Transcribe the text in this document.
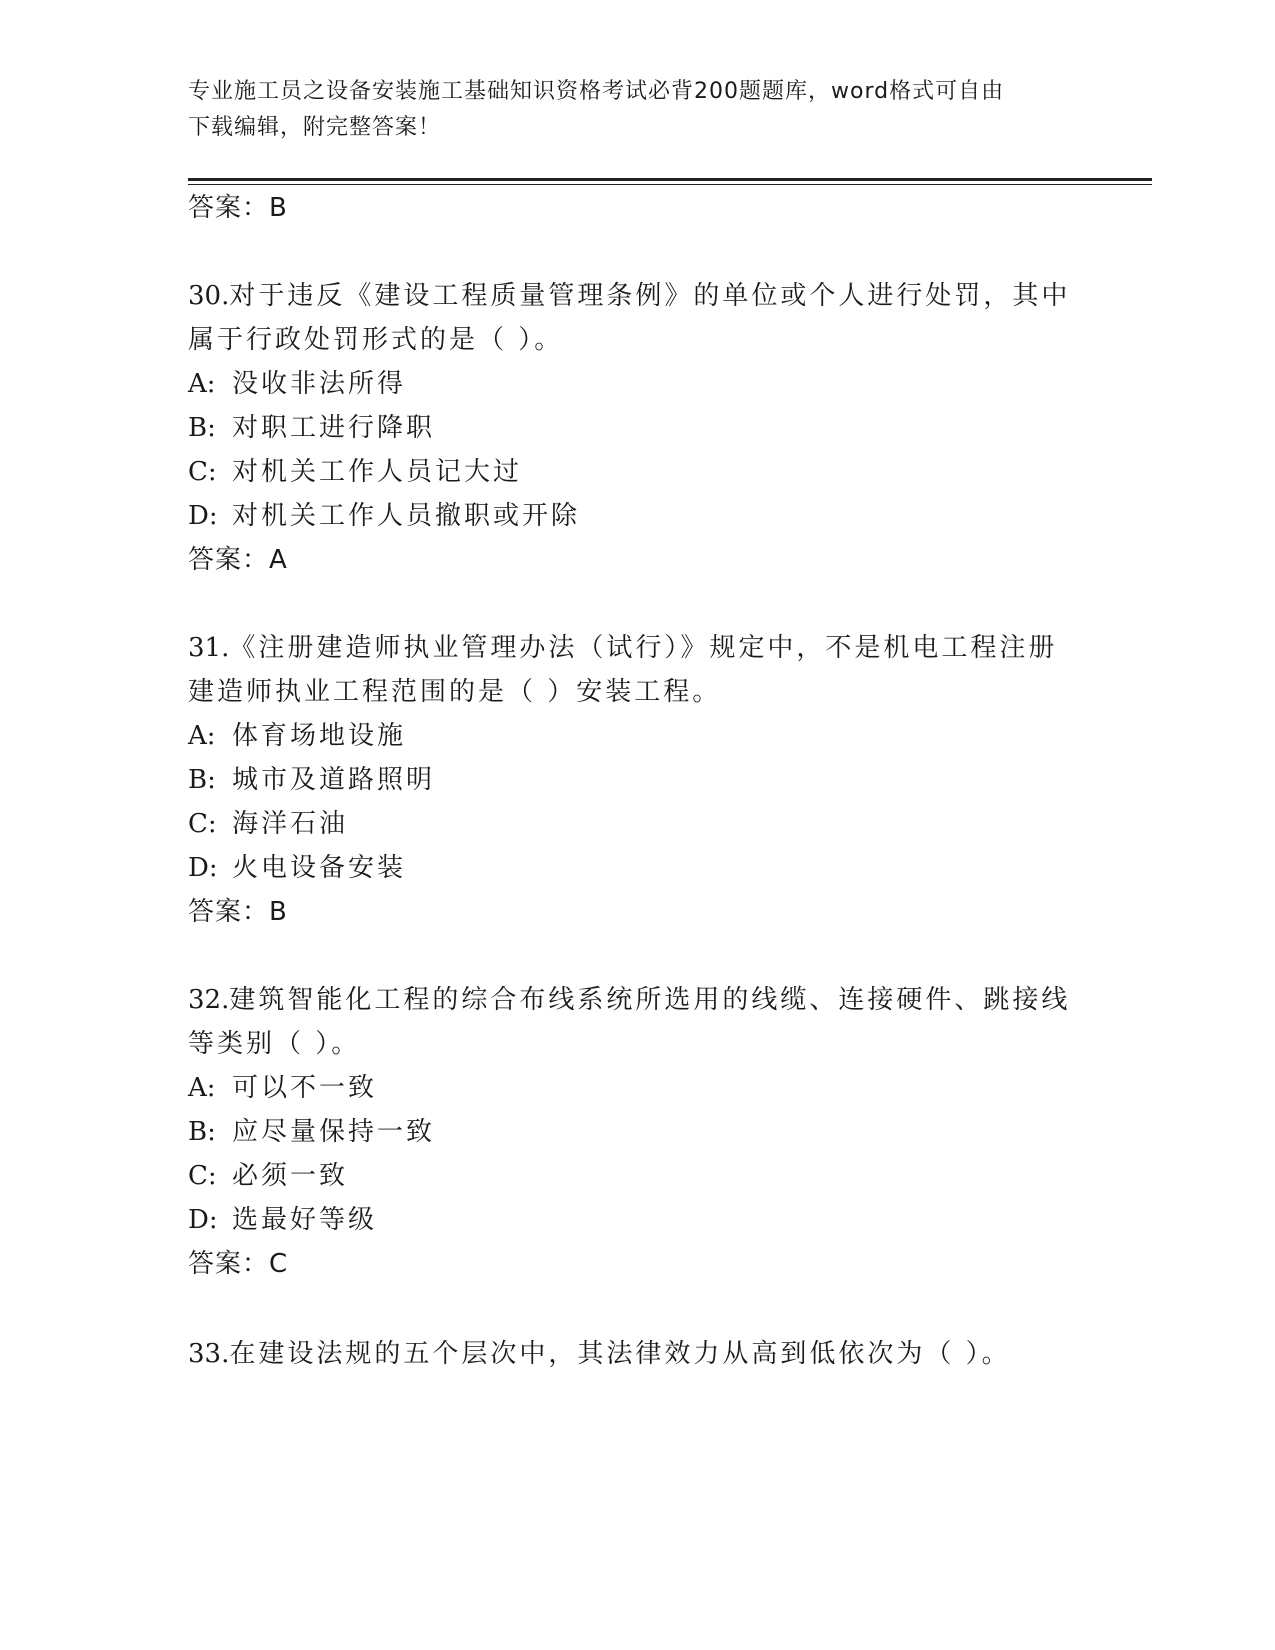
专业施工员之设备安装施工基础知识资格考试必背200题题库，word格式可自由
下载编辑，附完整答案！
答案：B
30.对于违反《建设工程质量管理条例》的单位或个人进行处罚，其中
属于行政处罚形式的是（ ）。
A: 没收非法所得
B: 对职工进行降职
C: 对机关工作人员记大过
D: 对机关工作人员撤职或开除
答案：A
31.《注册建造师执业管理办法（试行）》规定中，不是机电工程注册
建造师执业工程范围的是（ ）安装工程。
A: 体育场地设施
B: 城市及道路照明
C: 海洋石油
D: 火电设备安装
答案：B
32.建筑智能化工程的综合布线系统所选用的线缆、连接硬件、跳接线
等类别（ ）。
A: 可以不一致
B: 应尽量保持一致
C: 必须一致
D: 选最好等级
答案：C
33.在建设法规的五个层次中，其法律效力从高到低依次为（ ）。
